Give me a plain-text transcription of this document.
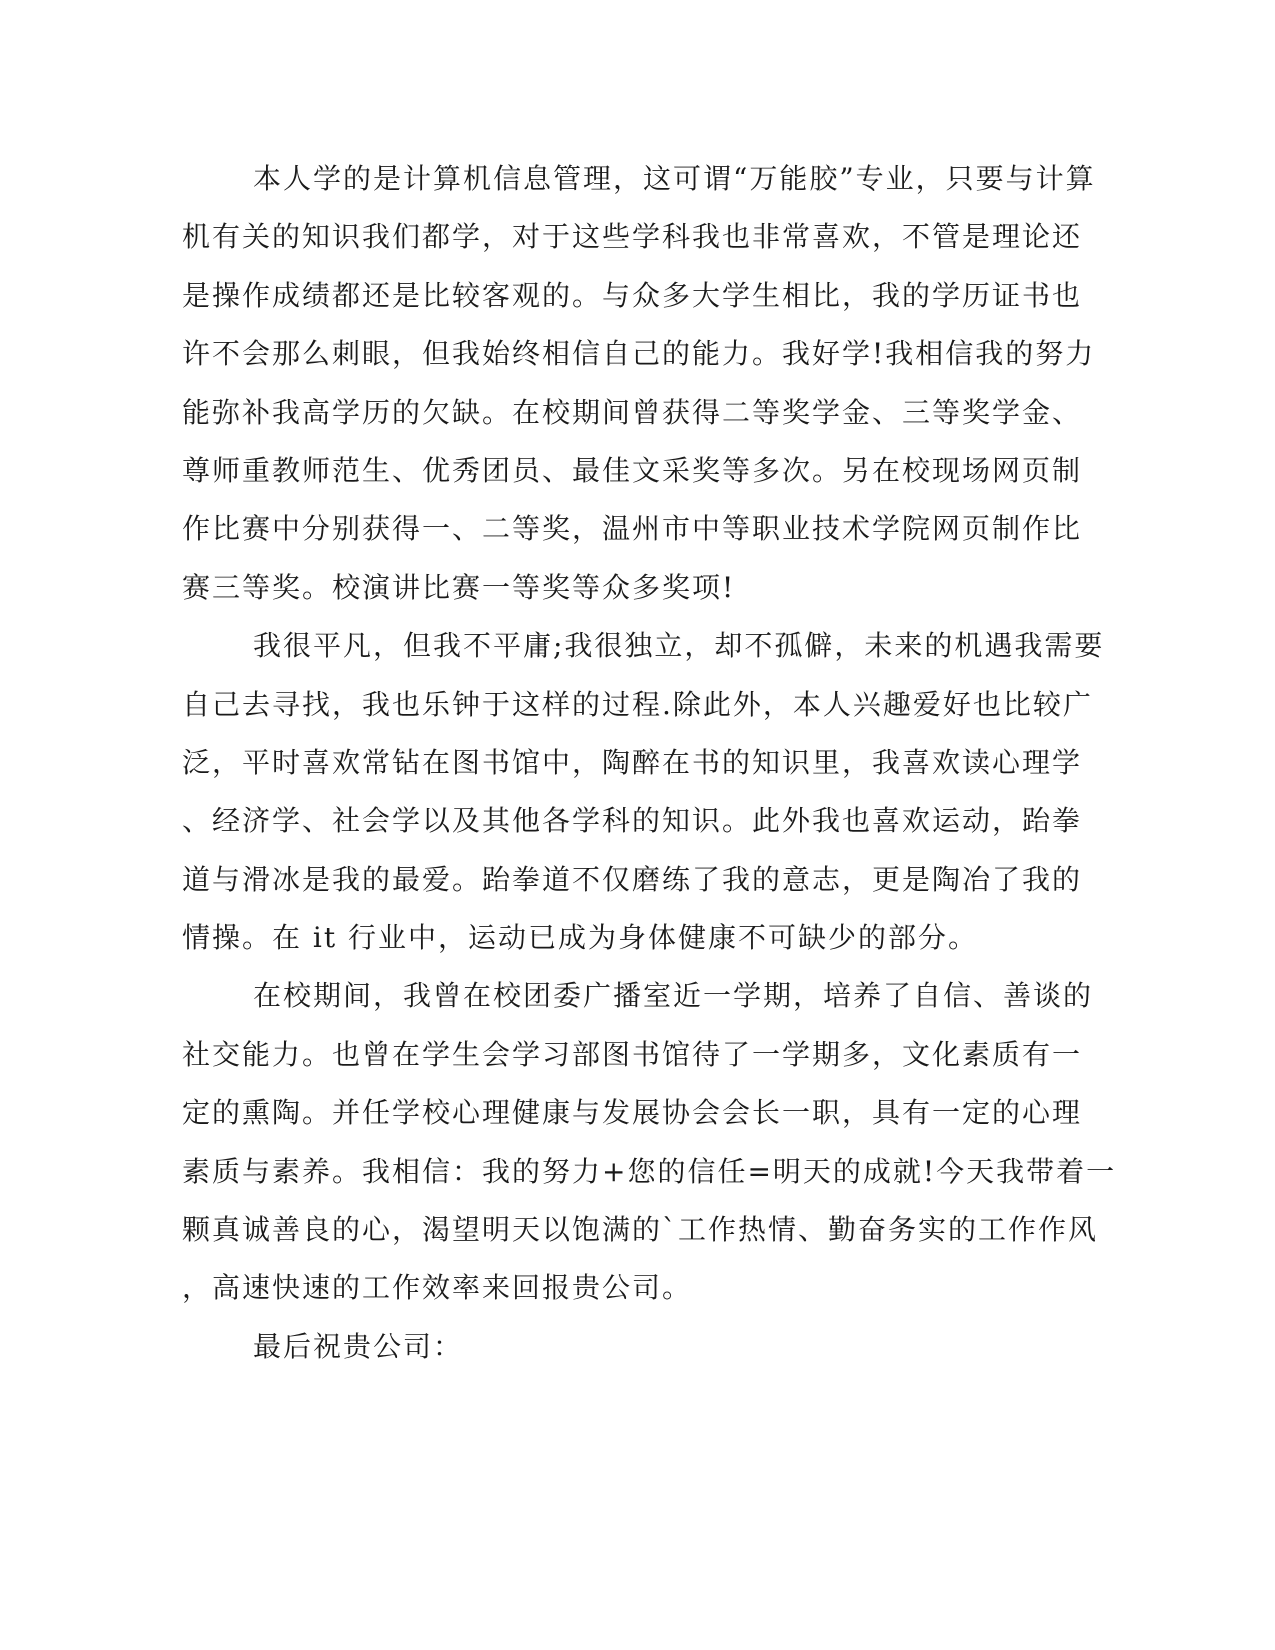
本人学的是计算机信息管理，这可谓“万能胶”专业，只要与计算
机有关的知识我们都学，对于这些学科我也非常喜欢，不管是理论还
是操作成绩都还是比较客观的。与众多大学生相比，我的学历证书也
许不会那么刺眼，但我始终相信自己的能力。我好学!我相信我的努力
能弥补我高学历的欠缺。在校期间曾获得二等奖学金、三等奖学金、
尊师重教师范生、优秀团员、最佳文采奖等多次。另在校现场网页制
作比赛中分别获得一、二等奖，温州市中等职业技术学院网页制作比
赛三等奖。校演讲比赛一等奖等众多奖项!
我很平凡，但我不平庸;我很独立，却不孤僻，未来的机遇我需要
自己去寻找，我也乐钟于这样的过程.除此外，本人兴趣爱好也比较广
泛，平时喜欢常钻在图书馆中，陶醉在书的知识里，我喜欢读心理学
、经济学、社会学以及其他各学科的知识。此外我也喜欢运动，跆拳
道与滑冰是我的最爱。跆拳道不仅磨练了我的意志，更是陶冶了我的
情操。在 it 行业中，运动已成为身体健康不可缺少的部分。
在校期间，我曾在校团委广播室近一学期，培养了自信、善谈的
社交能力。也曾在学生会学习部图书馆待了一学期多，文化素质有一
定的熏陶。并任学校心理健康与发展协会会长一职，具有一定的心理
素质与素养。我相信：我的努力+您的信任=明天的成就!今天我带着一
颗真诚善良的心，渴望明天以饱满的`工作热情、勤奋务实的工作作风
，高速快速的工作效率来回报贵公司。
最后祝贵公司：
